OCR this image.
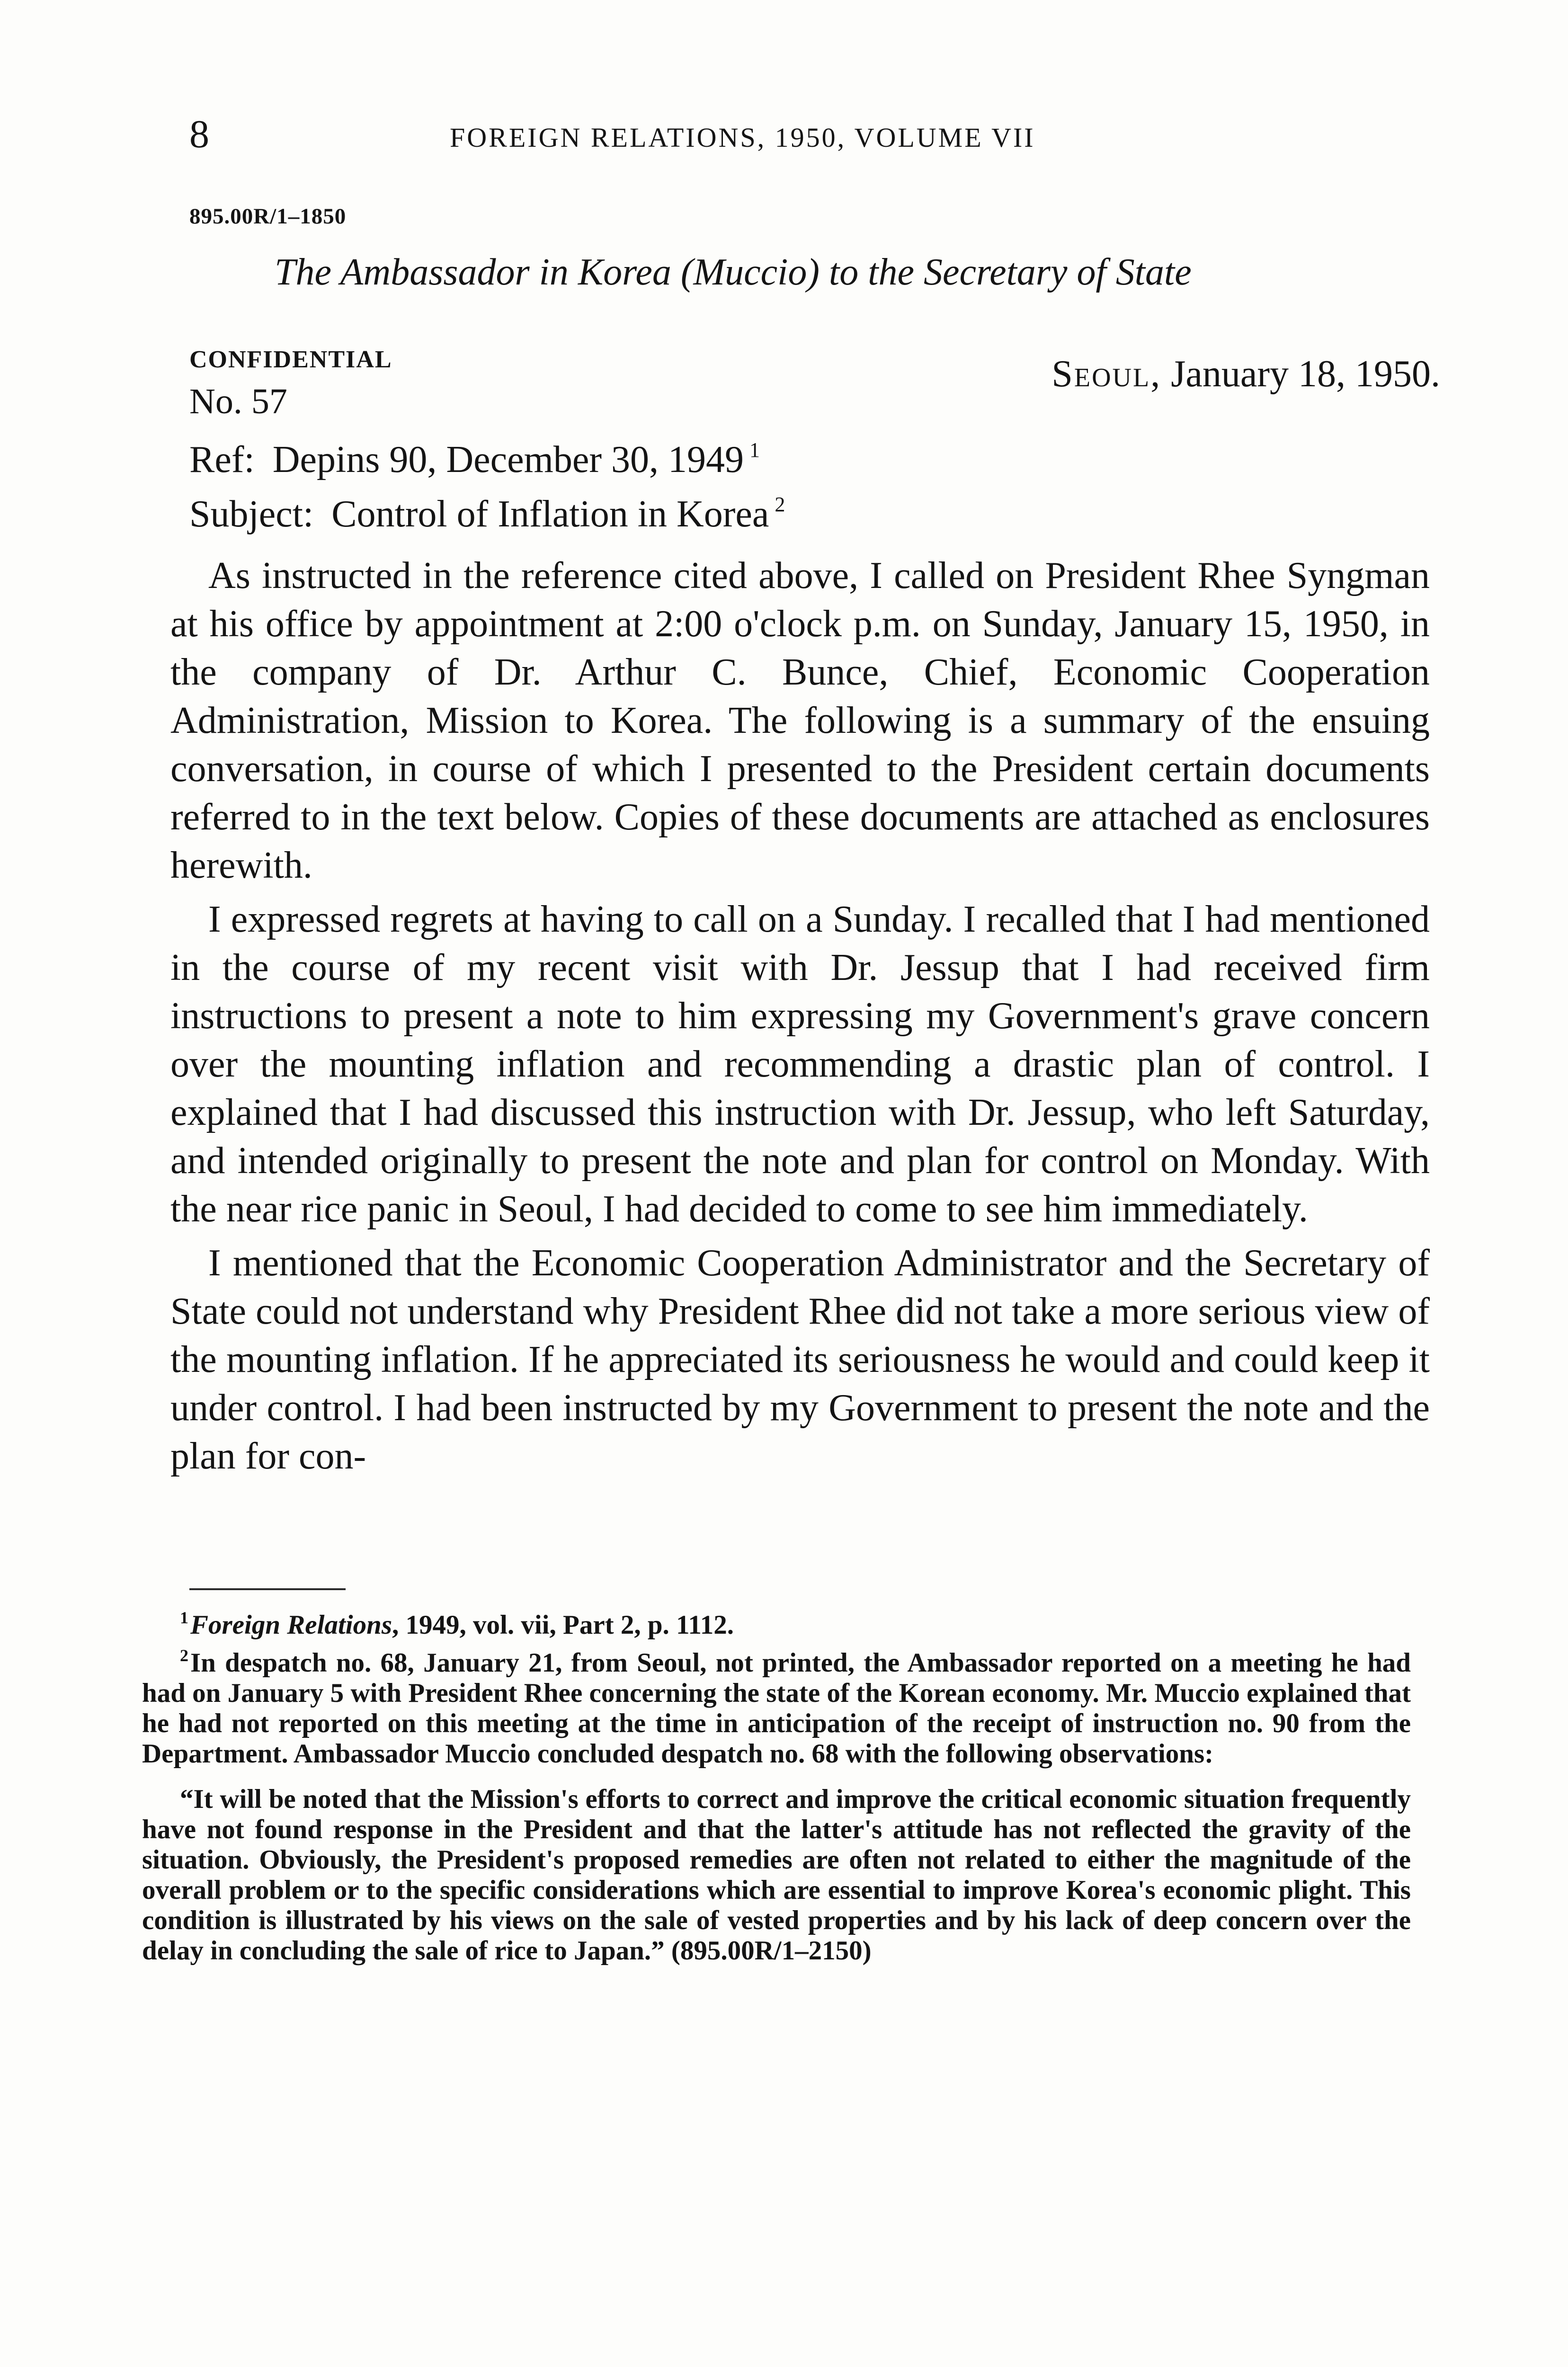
8	FOREIGN RELATIONS, 1950, VOLUME VII
895.00R/1–1850
The Ambassador in Korea (Muccio) to the Secretary of State
CONFIDENTIAL
No. 57
Seoul, January 18, 1950.
Ref: Depins 90, December 30, 1949 $^1$
Subject: Control of Inflation in Korea $^2$

As instructed in the reference cited above, I called on President Rhee Syngman at his office by appointment at 2:00 o'clock p.m. on Sunday, January 15, 1950, in the company of Dr. Arthur C. Bunce, Chief, Economic Cooperation Administration, Mission to Korea. The following is a summary of the ensuing conversation, in course of which I presented to the President certain documents referred to in the text below. Copies of these documents are attached as enclosures herewith.

I expressed regrets at having to call on a Sunday. I recalled that I had mentioned in the course of my recent visit with Dr. Jessup that I had received firm instructions to present a note to him expressing my Government's grave concern over the mounting inflation and recommending a drastic plan of control. I explained that I had discussed this instruction with Dr. Jessup, who left Saturday, and intended originally to present the note and plan for control on Monday. With the near rice panic in Seoul, I had decided to come to see him immediately.

I mentioned that the Economic Cooperation Administrator and the Secretary of State could not understand why President Rhee did not take a more serious view of the mounting inflation. If he appreciated its seriousness he would and could keep it under control. I had been instructed by my Government to present the note and the plan for con-

$^1$Foreign Relations, 1949, vol. vii, Part 2, p. 1112.

$^2$In despatch no. 68, January 21, from Seoul, not printed, the Ambassador reported on a meeting he had had on January 5 with President Rhee concerning the state of the Korean economy. Mr. Muccio explained that he had not reported on this meeting at the time in anticipation of the receipt of instruction no. 90 from the Department. Ambassador Muccio concluded despatch no. 68 with the following observations:

“It will be noted that the Mission's efforts to correct and improve the critical economic situation frequently have not found response in the President and that the latter's attitude has not reflected the gravity of the situation. Obviously, the President's proposed remedies are often not related to either the magnitude of the overall problem or to the specific considerations which are essential to improve Korea's economic plight. This condition is illustrated by his views on the sale of vested properties and by his lack of deep concern over the delay in concluding the sale of rice to Japan.” (895.00R/1–2150)
